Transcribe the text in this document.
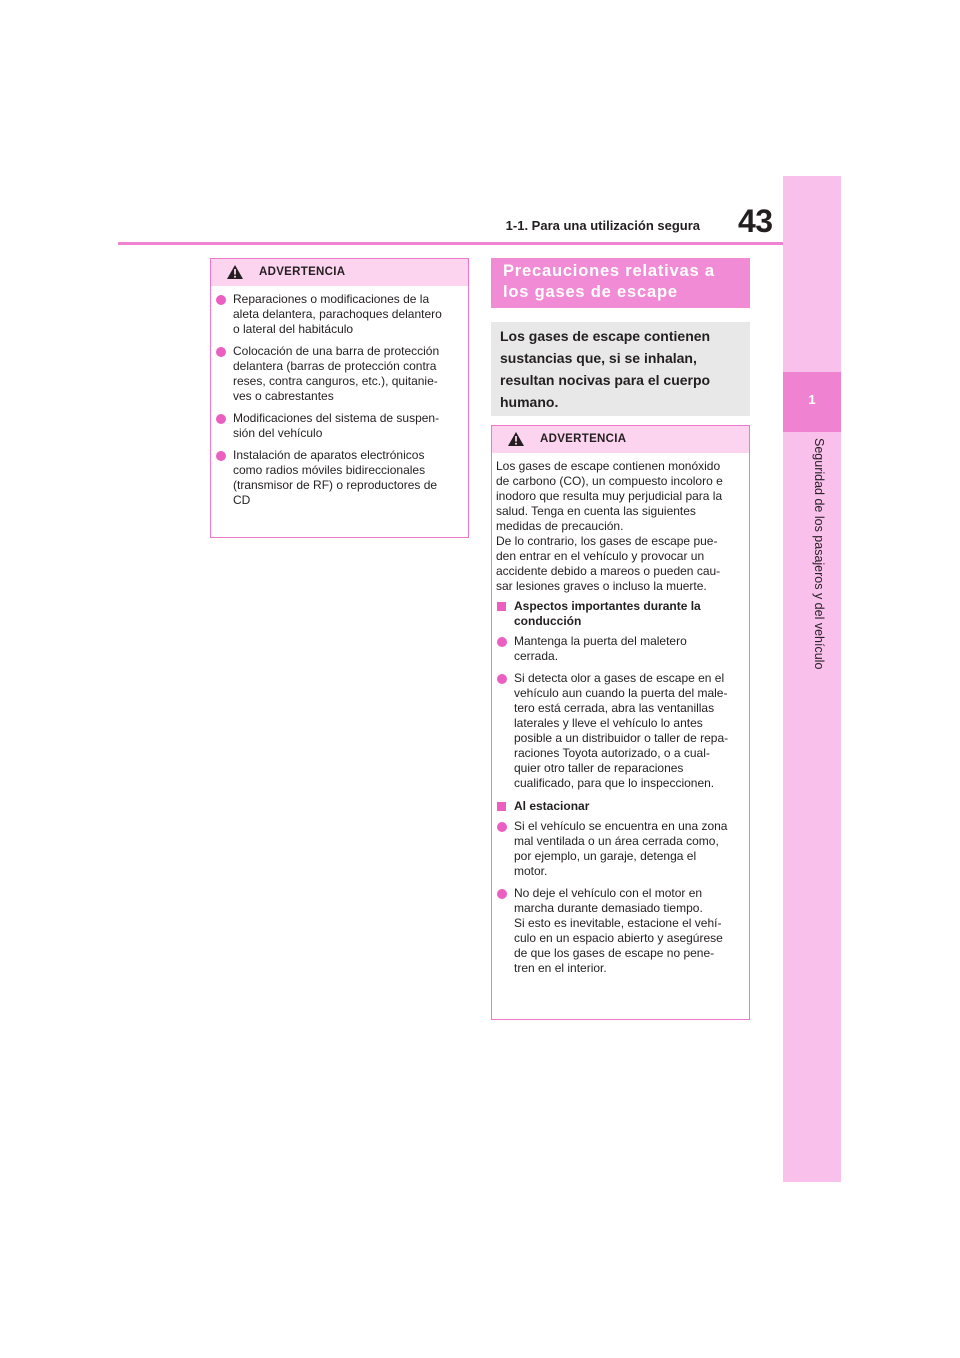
1-1. Para una utilización segura 43
1
Seguridad de los pasajeros y del vehículo
ADVERTENCIA
Reparaciones o modificaciones de la
aleta delantera, parachoques delantero
o lateral del habitáculo
Colocación de una barra de protección
delantera (barras de protección contra
reses, contra canguros, etc.), quitanie-
ves o cabrestantes
Modificaciones del sistema de suspen-
sión del vehículo
Instalación de aparatos electrónicos
como radios móviles bidireccionales
(transmisor de RF) o reproductores de
CD
Precauciones relativas a
los gases de escape
Los gases de escape contienen
sustancias que, si se inhalan,
resultan nocivas para el cuerpo
humano.
ADVERTENCIA
Los gases de escape contienen monóxido
de carbono (CO), un compuesto incoloro e
inodoro que resulta muy perjudicial para la
salud. Tenga en cuenta las siguientes
medidas de precaución.
De lo contrario, los gases de escape pue-
den entrar en el vehículo y provocar un
accidente debido a mareos o pueden cau-
sar lesiones graves o incluso la muerte.
Aspectos importantes durante la
conducción
Mantenga la puerta del maletero
cerrada.
Si detecta olor a gases de escape en el
vehículo aun cuando la puerta del male-
tero está cerrada, abra las ventanillas
laterales y lleve el vehículo lo antes
posible a un distribuidor o taller de repa-
raciones Toyota autorizado, o a cual-
quier otro taller de reparaciones
cualificado, para que lo inspeccionen.
Al estacionar
Si el vehículo se encuentra en una zona
mal ventilada o un área cerrada como,
por ejemplo, un garaje, detenga el
motor.
No deje el vehículo con el motor en
marcha durante demasiado tiempo.
Si esto es inevitable, estacione el vehí-
culo en un espacio abierto y asegúrese
de que los gases de escape no pene-
tren en el interior.
